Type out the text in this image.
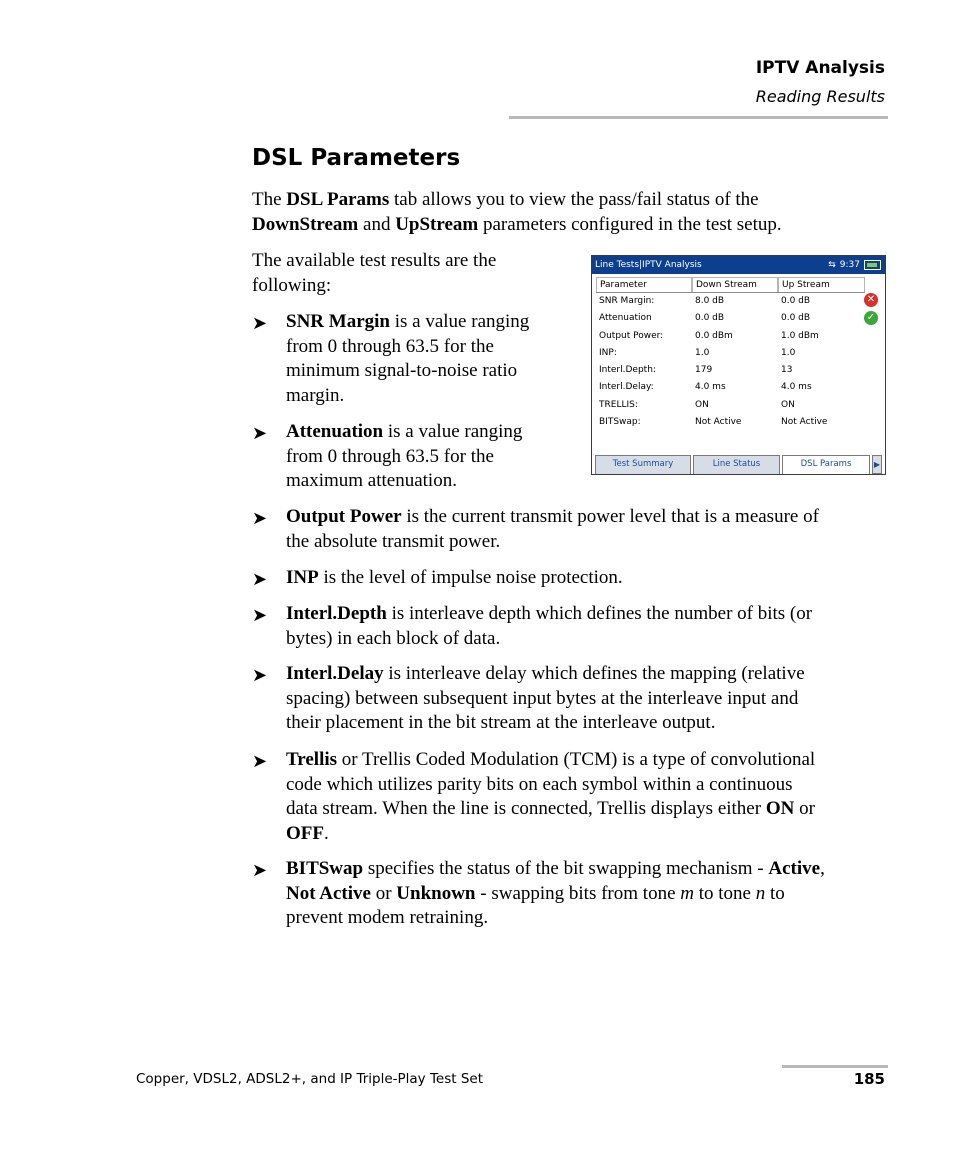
IPTV Analysis
Reading Results
DSL Parameters

The DSL Params tab allows you to view the pass/fail status of the
DownStream and UpStream parameters configured in the test setup.

The available test results are the
following:

➤ SNR Margin is a value ranging
from 0 through 63.5 for the
minimum signal-to-noise ratio
margin.
➤ Attenuation is a value ranging
from 0 through 63.5 for the
maximum attenuation.
➤ Output Power is the current transmit power level that is a measure of
the absolute transmit power.
➤ INP is the level of impulse noise protection.
➤ Interl.Depth is interleave depth which defines the number of bits (or
bytes) in each block of data.
➤ Interl.Delay is interleave delay which defines the mapping (relative
spacing) between subsequent input bytes at the interleave input and
their placement in the bit stream at the interleave output.
➤ Trellis or Trellis Coded Modulation (TCM) is a type of convolutional
code which utilizes parity bits on each symbol within a continuous
data stream. When the line is connected, Trellis displays either ON or
OFF.
➤ BITSwap specifies the status of the bit swapping mechanism - Active,
Not Active or Unknown - swapping bits from tone m to tone n to
prevent modem retraining.
Line Tests|IPTV Analysis	⇆ 9:37
Parameter	Down Stream	Up Stream
SNR Margin:	8.0 dB	0.0 dB
Attenuation	0.0 dB	0.0 dB
Output Power:	0.0 dBm	1.0 dBm
INP:	1.0	1.0
Interl.Depth:	179	13
Interl.Delay:	4.0 ms	4.0 ms
TRELLIS:	ON	ON
BITSwap:	Not Active	Not Active
✕
✓
Test Summary	Line Status	DSL Params	▶
Copper, VDSL2, ADSL2+, and IP Triple-Play Test Set	185
